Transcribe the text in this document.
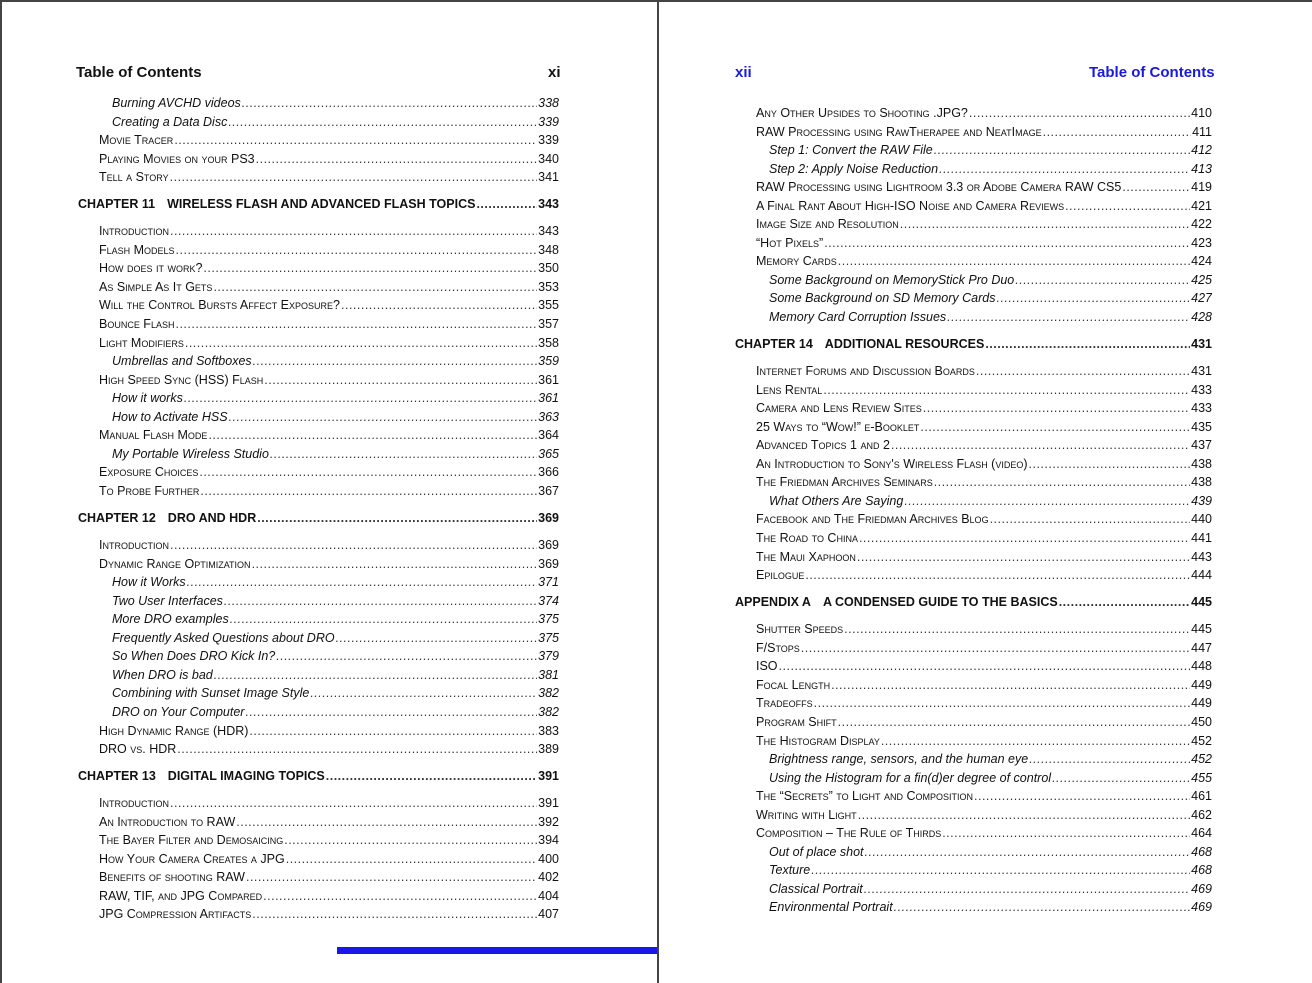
Table of Contents	xi
Burning AVCHD videos .....	338
Creating a Data Disc .....	339
Movie Tracer .....	339
Playing Movies on your PS3 .....	340
Tell a Story .....	341
CHAPTER 11 WIRELESS FLASH AND ADVANCED FLASH TOPICS .....	343
Introduction .....	343
Flash Models .....	348
How does it work? .....	350
As Simple As It Gets .....	353
Will the Control Bursts Affect Exposure? .....	355
Bounce Flash .....	357
Light Modifiers .....	358
Umbrellas and Softboxes .....	359
High Speed Sync (HSS) Flash .....	361
How it works .....	361
How to Activate HSS .....	363
Manual Flash Mode .....	364
My Portable Wireless Studio .....	365
Exposure Choices .....	366
To Probe Further .....	367
CHAPTER 12 DRO AND HDR .....	369
Introduction .....	369
Dynamic Range Optimization .....	369
How it Works .....	371
Two User Interfaces .....	374
More DRO examples .....	375
Frequently Asked Questions about DRO .....	375
So When Does DRO Kick In? .....	379
When DRO is bad .....	381
Combining with Sunset Image Style .....	382
DRO on Your Computer .....	382
High Dynamic Range (HDR) .....	383
DRO vs. HDR .....	389
CHAPTER 13 DIGITAL IMAGING TOPICS .....	391
Introduction .....	391
An Introduction to RAW .....	392
The Bayer Filter and Demosaicing .....	394
How Your Camera Creates a JPG .....	400
Benefits of shooting RAW .....	402
RAW, TIF, and JPG Compared .....	404
JPG Compression Artifacts .....	407
xii	Table of Contents
Any Other Upsides to Shooting .JPG? .....	410
RAW Processing using RawTherapee and NeatImage .....	411
Step 1: Convert the RAW File .....	412
Step 2: Apply Noise Reduction .....	413
RAW Processing using Lightroom 3.3 or Adobe Camera RAW CS5 .....	419
A Final Rant About High-ISO Noise and Camera Reviews .....	421
Image Size and Resolution .....	422
“Hot Pixels” .....	423
Memory Cards .....	424
Some Background on MemoryStick Pro Duo .....	425
Some Background on SD Memory Cards .....	427
Memory Card Corruption Issues .....	428
CHAPTER 14 ADDITIONAL RESOURCES .....	431
Internet Forums and Discussion Boards .....	431
Lens Rental .....	433
Camera and Lens Review Sites .....	433
25 Ways to “Wow!” e-Booklet .....	435
Advanced Topics 1 and 2 .....	437
An Introduction to Sony's Wireless Flash (video) .....	438
The Friedman Archives Seminars .....	438
What Others Are Saying .....	439
Facebook and The Friedman Archives Blog .....	440
The Road to China .....	441
The Maui Xaphoon .....	443
Epilogue .....	444
APPENDIX A A CONDENSED GUIDE TO THE BASICS .....	445
Shutter Speeds .....	445
F/Stops .....	447
ISO .....	448
Focal Length .....	449
Tradeoffs .....	449
Program Shift .....	450
The Histogram Display .....	452
Brightness range, sensors, and the human eye .....	452
Using the Histogram for a fin(d)er degree of control .....	455
The “Secrets” to Light and Composition .....	461
Writing with Light .....	462
Composition – The Rule of Thirds .....	464
Out of place shot .....	468
Texture .....	468
Classical Portrait .....	469
Environmental Portrait .....	469
